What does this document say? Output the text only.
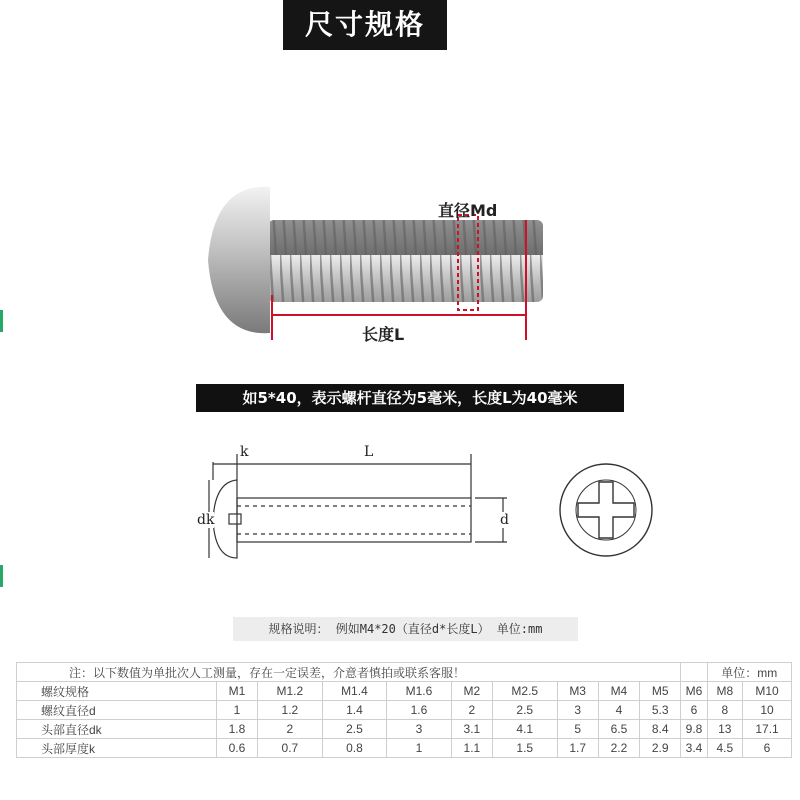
尺寸规格
直径Md
长度L
如5*40，表示螺杆直径为5毫米，长度L为40毫米
k	L
dk	d
规格说明： 例如M4*20（直径d*长度L） 单位:mm
注：以下数值为单批次人工测量，存在一定误差，介意者慎拍或联系客服！											单位：mm	
螺纹规格	M1	M1.2	M1.4	M1.6	M2	M2.5	M3	M4	M5	M6	M8	M10
螺纹直径d	1	1.2	1.4	1.6	2	2.5	3	4	5.3	6	8	10
头部直径dk	1.8	2	2.5	3	3.1	4.1	5	6.5	8.4	9.8	13	17.1
头部厚度k	0.6	0.7	0.8	1	1.1	1.5	1.7	2.2	2.9	3.4	4.5	6
